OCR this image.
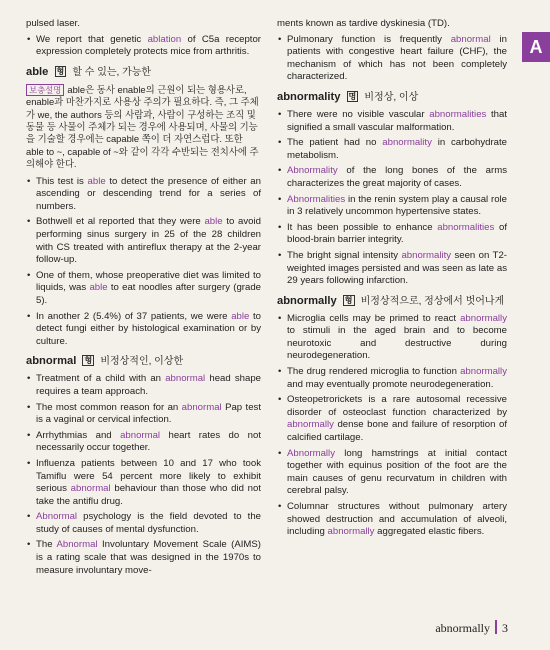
A
pulsed laser.
• We report that genetic ablation of C5a receptor expression completely protects mice from arthritis.
able 형 할 수 있는, 가능한
보충설명 able은 동사 enable의 근원이 되는 형용사로, enable과 마찬가지로 사용상 주의가 필요하다. 즉, 그 주체가 we, the authors 등의 사람과, 사람이 구성하는 조직 및 동물 등 사물이 주체가 되는 경우에 사용되며, 사물의 기능을 기술할 경우에는 capable 쪽이 더 자연스럽다. 또한 able to ~, capable of ~와 같이 각각 수반되는 전치사에 주의해야 한다.
• This test is able to detect the presence of either an ascending or descending trend for a series of numbers.
• Bothwell et al reported that they were able to avoid performing sinus surgery in 25 of the 28 children with CS treated with antireflux therapy at the 2-year follow-up.
• One of them, whose preoperative diet was limited to liquids, was able to eat noodles after surgery (grade 5).
• In another 2 (5.4%) of 37 patients, we were able to detect fungi either by histological examination or by culture.
abnormal 형 비정상적인, 이상한
• Treatment of a child with an abnormal head shape requires a team approach.
• The most common reason for an abnormal Pap test is a vaginal or cervical infection.
• Arrhythmias and abnormal heart rates do not necessarily occur together.
• Influenza patients between 10 and 17 who took Tamiflu were 54 percent more likely to exhibit serious abnormal behaviour than those who did not take the antiflu drug.
• Abnormal psychology is the field devoted to the study of causes of mental dysfunction.
• The Abnormal Involuntary Movement Scale (AIMS) is a rating scale that was designed in the 1970s to measure involuntary move-
ments known as tardive dyskinesia (TD).
• Pulmonary function is frequently abnormal in patients with congestive heart failure (CHF), the mechanism of which has not been completely characterized.
abnormality 명 비정상, 이상
• There were no visible vascular abnormalities that signified a small vascular malformation.
• The patient had no abnormality in carbohydrate metabolism.
• Abnormality of the long bones of the arms characterizes the great majority of cases.
• Abnormalities in the renin system play a causal role in 3 relatively uncommon hypertensive states.
• It has been possible to enhance abnormalities of blood-brain barrier integrity.
• The bright signal intensity abnormality seen on T2-weighted images persisted and was seen as late as 29 years following infarction.
abnormally 형 비정상적으로, 정상에서 벗어나게
• Microglia cells may be primed to react abnormally to stimuli in the aged brain and to become neurotoxic and destructive during neurodegeneration.
• The drug rendered microglia to function abnormally and may eventually promote neurodegeneration.
• Osteopetrorickets is a rare autosomal recessive disorder of osteoclast function characterized by abnormally dense bone and failure of resorption of calcified cartilage.
• Abnormally long hamstrings at initial contact together with equinus position of the foot are the main causes of genu recurvatum in children with cerebral palsy.
• Columnar structures without pulmonary artery showed destruction and accumulation of alveoli, including abnormally aggregated elastic fibers.
abnormally 3
